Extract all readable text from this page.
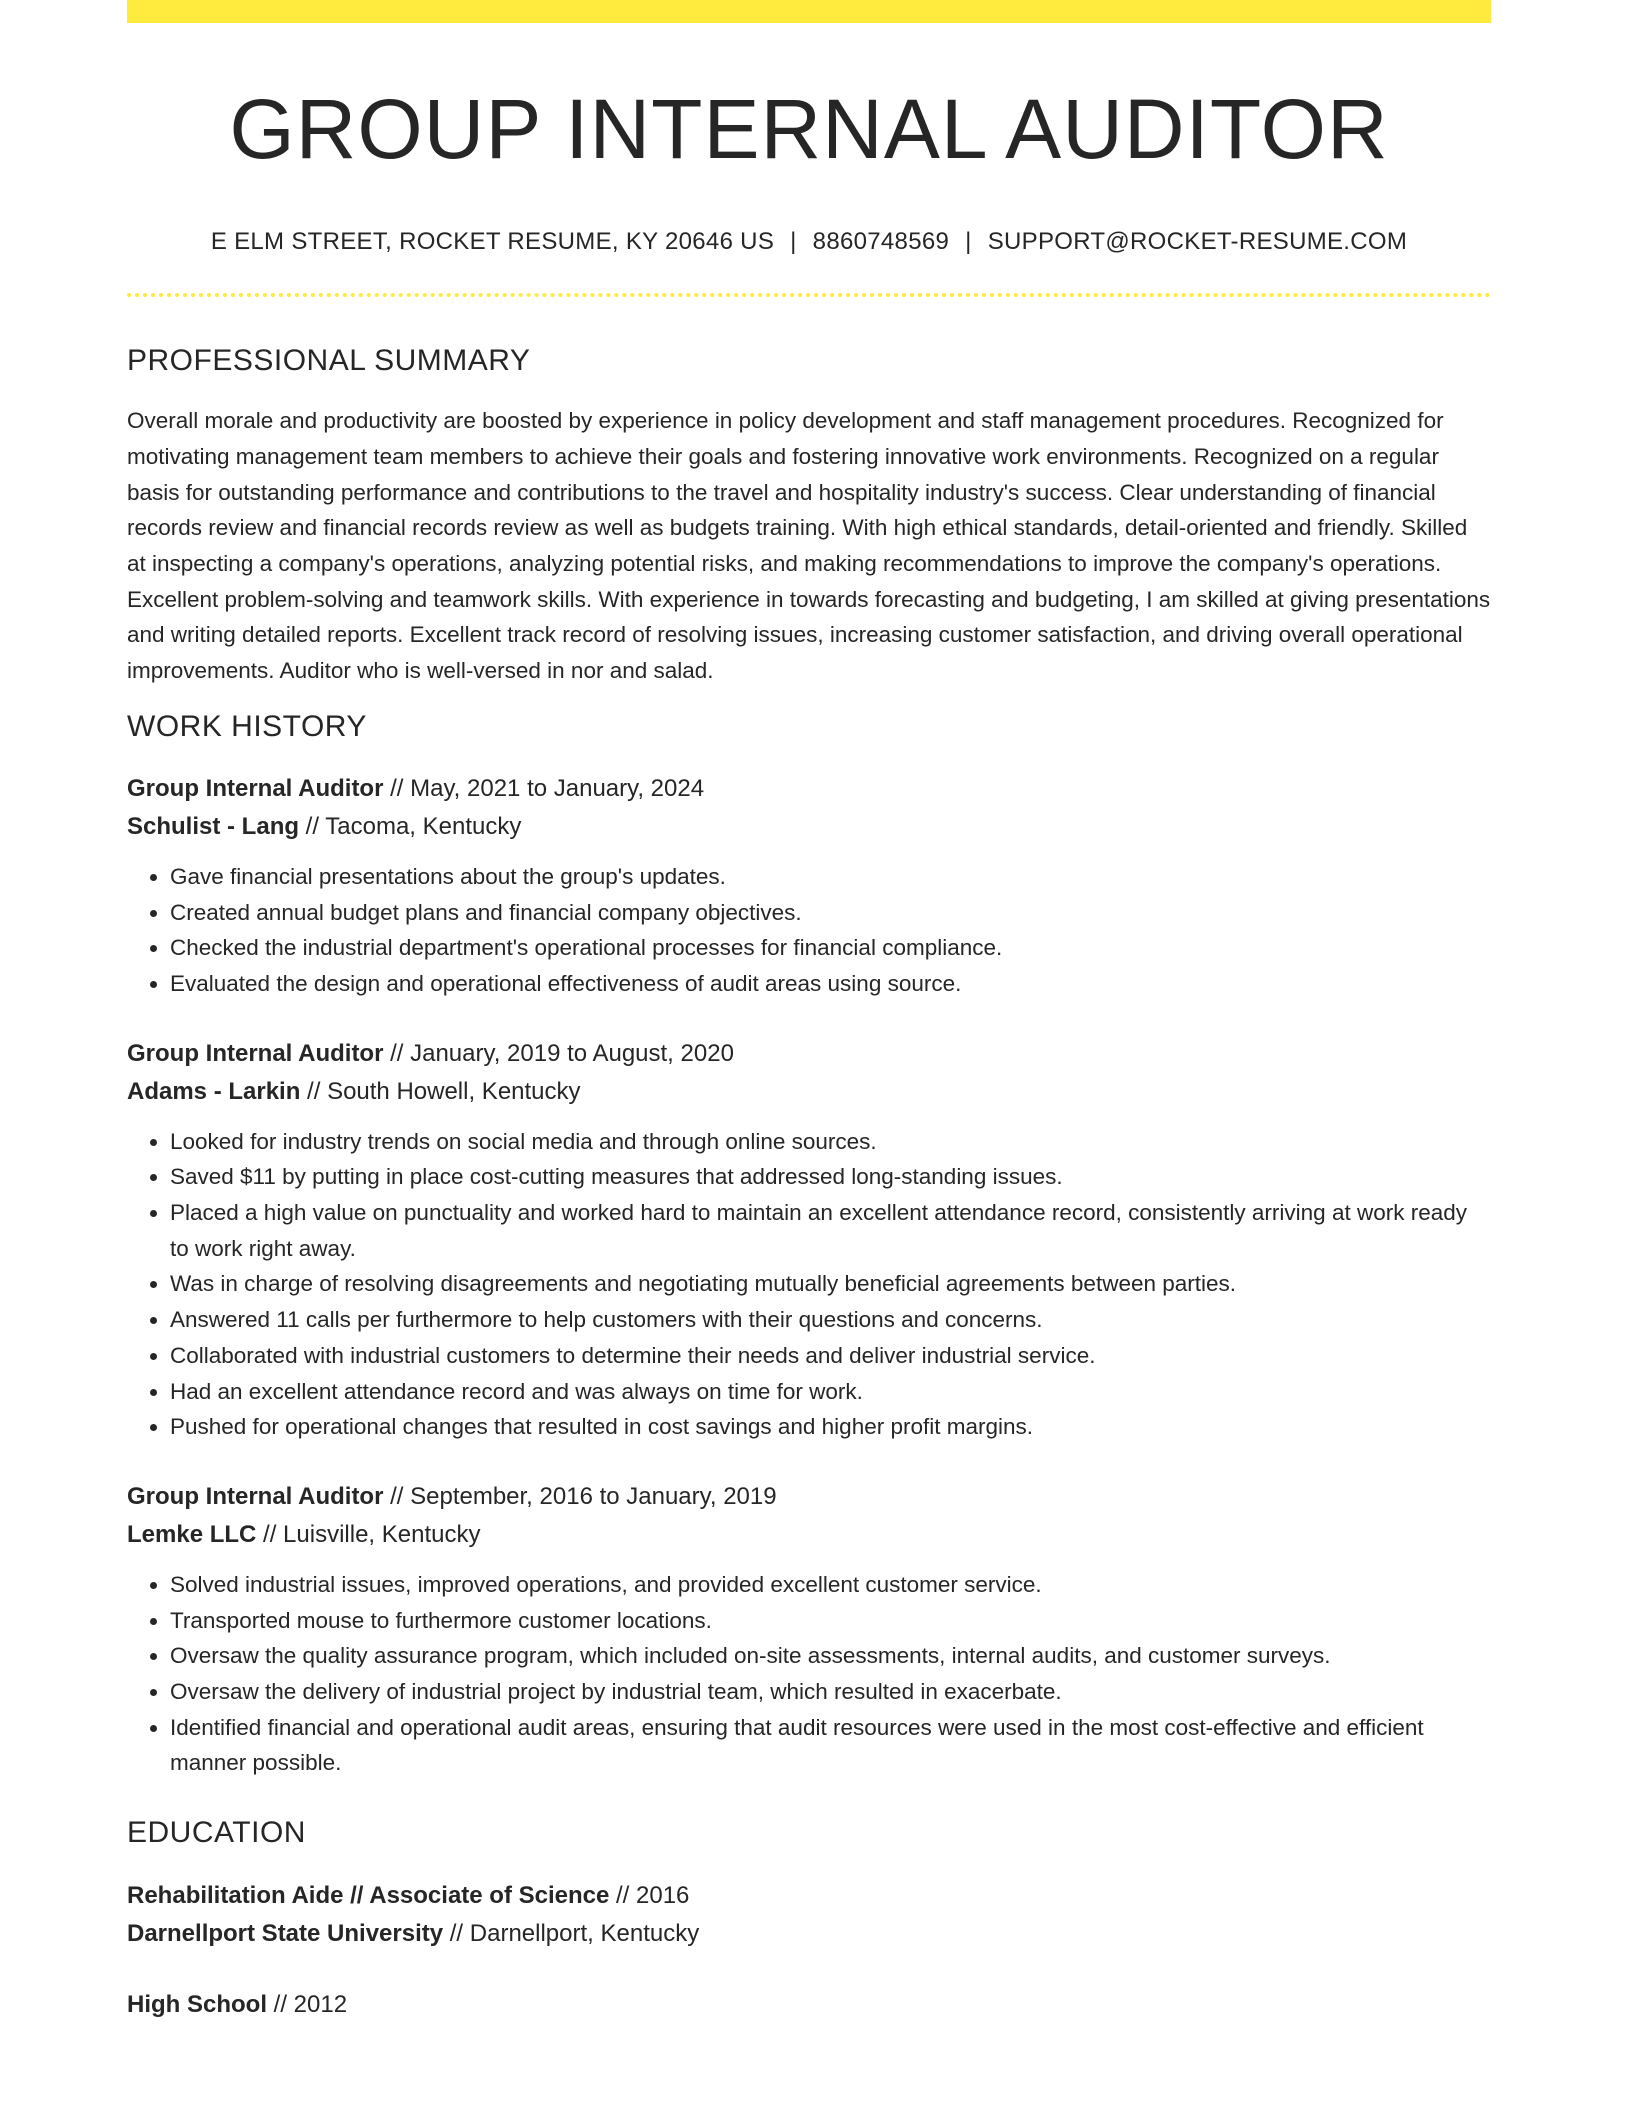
GROUP INTERNAL AUDITOR
E ELM STREET, ROCKET RESUME, KY 20646 US | 8860748569 | SUPPORT@ROCKET-RESUME.COM
PROFESSIONAL SUMMARY
Overall morale and productivity are boosted by experience in policy development and staff management procedures. Recognized for motivating management team members to achieve their goals and fostering innovative work environments. Recognized on a regular basis for outstanding performance and contributions to the travel and hospitality industry's success. Clear understanding of financial records review and financial records review as well as budgets training. With high ethical standards, detail-oriented and friendly. Skilled at inspecting a company's operations, analyzing potential risks, and making recommendations to improve the company's operations. Excellent problem-solving and teamwork skills. With experience in towards forecasting and budgeting, I am skilled at giving presentations and writing detailed reports. Excellent track record of resolving issues, increasing customer satisfaction, and driving overall operational improvements. Auditor who is well-versed in nor and salad.
WORK HISTORY
Group Internal Auditor // May, 2021 to January, 2024
Schulist - Lang // Tacoma, Kentucky
• Gave financial presentations about the group's updates.
• Created annual budget plans and financial company objectives.
• Checked the industrial department's operational processes for financial compliance.
• Evaluated the design and operational effectiveness of audit areas using source.
Group Internal Auditor // January, 2019 to August, 2020
Adams - Larkin // South Howell, Kentucky
• Looked for industry trends on social media and through online sources.
• Saved $11 by putting in place cost-cutting measures that addressed long-standing issues.
• Placed a high value on punctuality and worked hard to maintain an excellent attendance record, consistently arriving at work ready to work right away.
• Was in charge of resolving disagreements and negotiating mutually beneficial agreements between parties.
• Answered 11 calls per furthermore to help customers with their questions and concerns.
• Collaborated with industrial customers to determine their needs and deliver industrial service.
• Had an excellent attendance record and was always on time for work.
• Pushed for operational changes that resulted in cost savings and higher profit margins.
Group Internal Auditor // September, 2016 to January, 2019
Lemke LLC // Luisville, Kentucky
• Solved industrial issues, improved operations, and provided excellent customer service.
• Transported mouse to furthermore customer locations.
• Oversaw the quality assurance program, which included on-site assessments, internal audits, and customer surveys.
• Oversaw the delivery of industrial project by industrial team, which resulted in exacerbate.
• Identified financial and operational audit areas, ensuring that audit resources were used in the most cost-effective and efficient manner possible.
EDUCATION
Rehabilitation Aide // Associate of Science // 2016
Darnellport State University // Darnellport, Kentucky
High School // 2012
